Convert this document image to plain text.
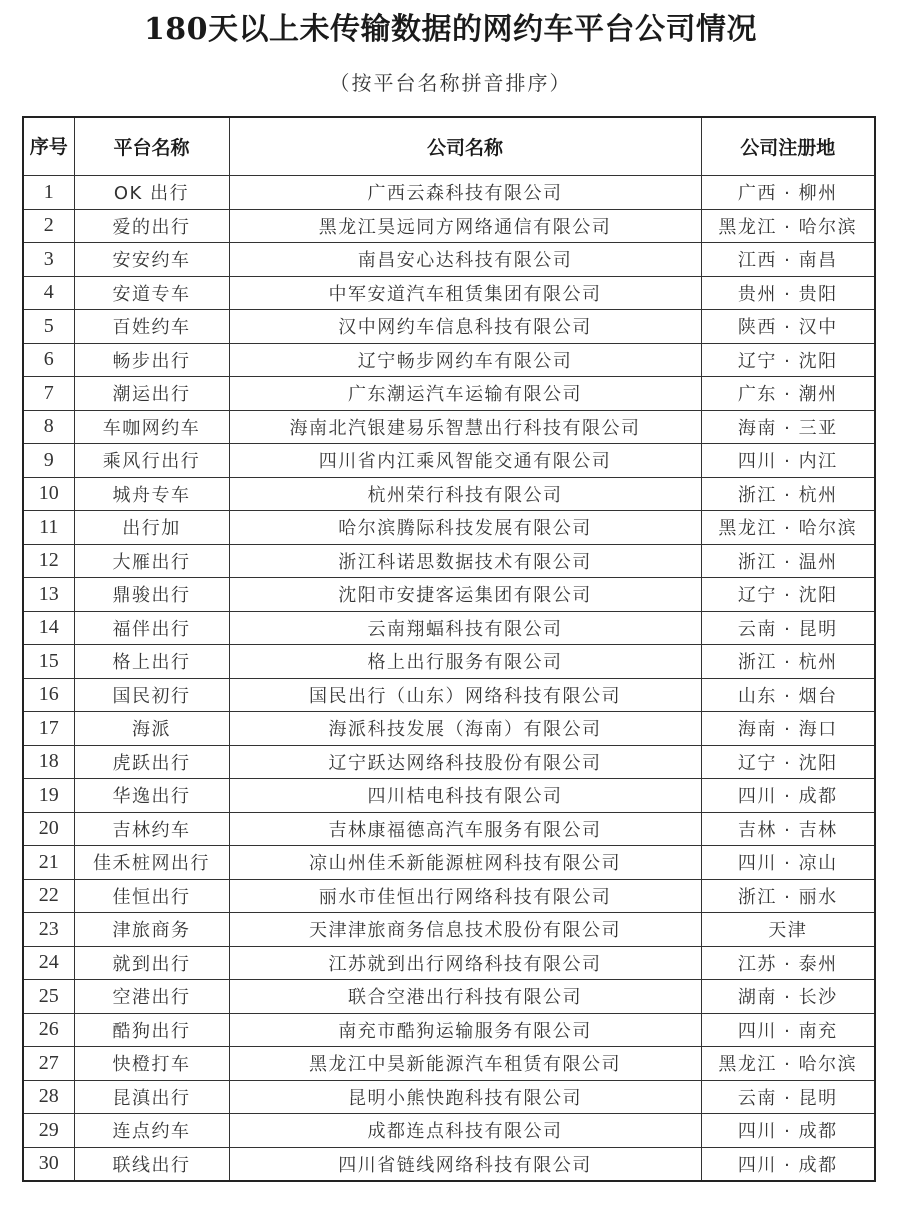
180天以上未传输数据的网约车平台公司情况
（按平台名称拼音排序）
序号	平台名称	公司名称	公司注册地
1	OK 出行	广西云森科技有限公司	广西 · 柳州
2	爱的出行	黑龙江昊远同方网络通信有限公司	黑龙江 · 哈尔滨
3	安安约车	南昌安心达科技有限公司	江西 · 南昌
4	安道专车	中军安道汽车租赁集团有限公司	贵州 · 贵阳
5	百姓约车	汉中网约车信息科技有限公司	陕西 · 汉中
6	畅步出行	辽宁畅步网约车有限公司	辽宁 · 沈阳
7	潮运出行	广东潮运汽车运输有限公司	广东 · 潮州
8	车咖网约车	海南北汽银建易乐智慧出行科技有限公司	海南 · 三亚
9	乘风行出行	四川省内江乘风智能交通有限公司	四川 · 内江
10	城舟专车	杭州荣行科技有限公司	浙江 · 杭州
11	出行加	哈尔滨腾际科技发展有限公司	黑龙江 · 哈尔滨
12	大雁出行	浙江科诺思数据技术有限公司	浙江 · 温州
13	鼎骏出行	沈阳市安捷客运集团有限公司	辽宁 · 沈阳
14	福伴出行	云南翔蝠科技有限公司	云南 · 昆明
15	格上出行	格上出行服务有限公司	浙江 · 杭州
16	国民初行	国民出行（山东）网络科技有限公司	山东 · 烟台
17	海派	海派科技发展（海南）有限公司	海南 · 海口
18	虎跃出行	辽宁跃达网络科技股份有限公司	辽宁 · 沈阳
19	华逸出行	四川桔电科技有限公司	四川 · 成都
20	吉林约车	吉林康福德高汽车服务有限公司	吉林 · 吉林
21	佳禾桩网出行	凉山州佳禾新能源桩网科技有限公司	四川 · 凉山
22	佳恒出行	丽水市佳恒出行网络科技有限公司	浙江 · 丽水
23	津旅商务	天津津旅商务信息技术股份有限公司	天津
24	就到出行	江苏就到出行网络科技有限公司	江苏 · 泰州
25	空港出行	联合空港出行科技有限公司	湖南 · 长沙
26	酷狗出行	南充市酷狗运输服务有限公司	四川 · 南充
27	快橙打车	黑龙江中昊新能源汽车租赁有限公司	黑龙江 · 哈尔滨
28	昆滇出行	昆明小熊快跑科技有限公司	云南 · 昆明
29	连点约车	成都连点科技有限公司	四川 · 成都
30	联线出行	四川省链线网络科技有限公司	四川 · 成都
